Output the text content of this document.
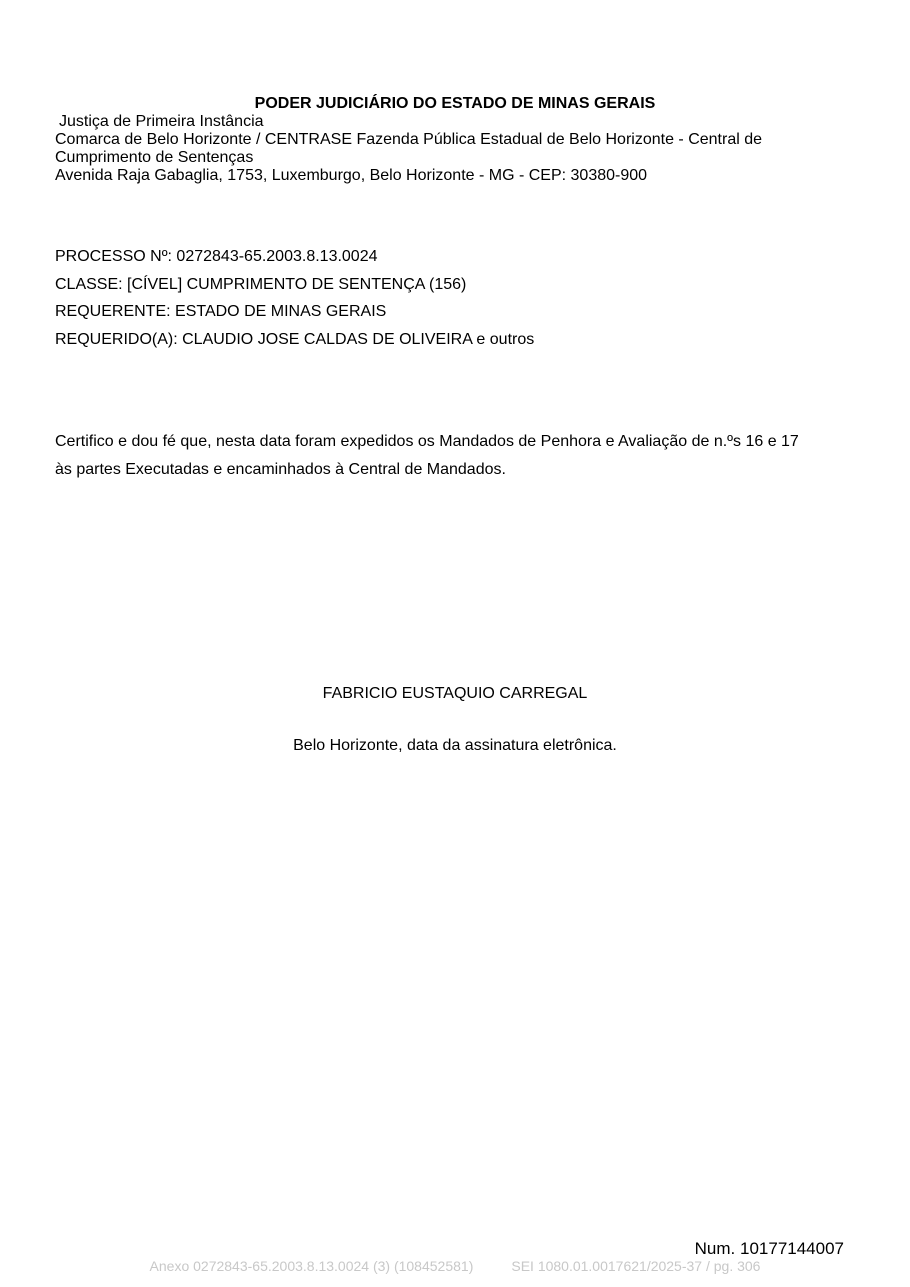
PODER JUDICIÁRIO DO ESTADO DE MINAS GERAIS
Justiça de Primeira Instância
Comarca de Belo Horizonte / CENTRASE Fazenda Pública Estadual de Belo Horizonte - Central de
Cumprimento de Sentenças
Avenida Raja Gabaglia, 1753, Luxemburgo, Belo Horizonte - MG - CEP: 30380-900
PROCESSO Nº: 0272843-65.2003.8.13.0024
CLASSE: [CÍVEL] CUMPRIMENTO DE SENTENÇA (156)
REQUERENTE: ESTADO DE MINAS GERAIS
REQUERIDO(A): CLAUDIO JOSE CALDAS DE OLIVEIRA e outros
Certifico e dou fé que, nesta data foram expedidos os Mandados de Penhora e Avaliação de n.ºs 16 e 17
às partes Executadas e encaminhados à Central de Mandados.
FABRICIO EUSTAQUIO CARREGAL
Belo Horizonte, data da assinatura eletrônica.
Num. 10177144007
Anexo 0272843-65.2003.8.13.0024 (3) (108452581)	SEI 1080.01.0017621/2025-37 / pg. 306
